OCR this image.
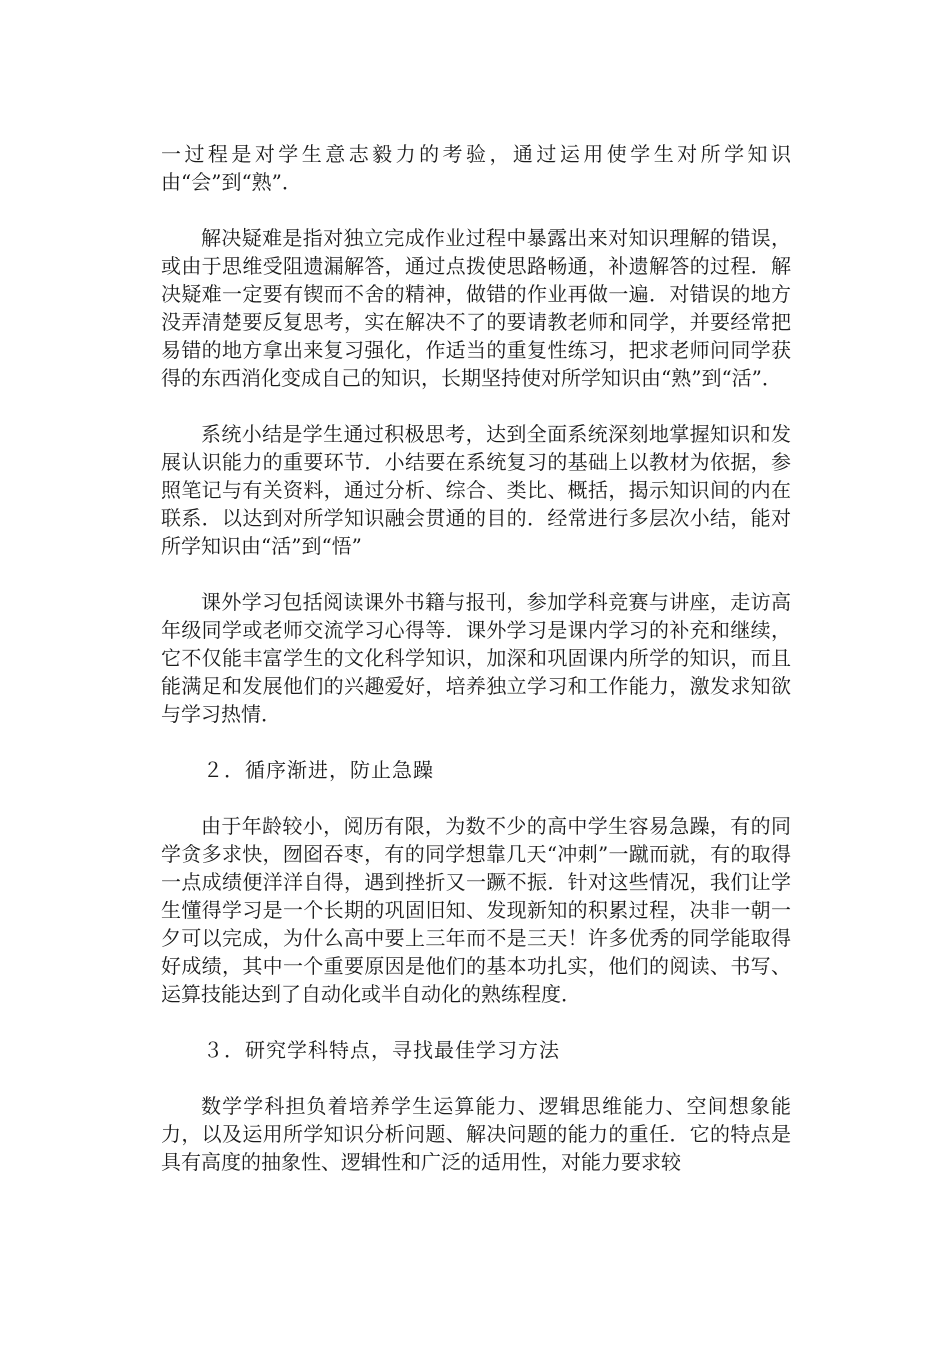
一过程是对学生意志毅力的考验，通过运用使学生对所学知识由“会”到“熟”．

解决疑难是指对独立完成作业过程中暴露出来对知识理解的错误，或由于思维受阻遗漏解答，通过点拨使思路畅通，补遗解答的过程．解决疑难一定要有锲而不舍的精神，做错的作业再做一遍．对错误的地方没弄清楚要反复思考，实在解决不了的要请教老师和同学，并要经常把易错的地方拿出来复习强化，作适当的重复性练习，把求老师问同学获得的东西消化变成自己的知识，长期坚持使对所学知识由“熟”到“活”．

系统小结是学生通过积极思考，达到全面系统深刻地掌握知识和发展认识能力的重要环节．小结要在系统复习的基础上以教材为依据，参照笔记与有关资料，通过分析、综合、类比、概括，揭示知识间的内在联系．以达到对所学知识融会贯通的目的．经常进行多层次小结，能对所学知识由“活”到“悟”

课外学习包括阅读课外书籍与报刊，参加学科竞赛与讲座，走访高年级同学或老师交流学习心得等．课外学习是课内学习的补充和继续，它不仅能丰富学生的文化科学知识，加深和巩固课内所学的知识，而且能满足和发展他们的兴趣爱好，培养独立学习和工作能力，激发求知欲与学习热情．

２．循序渐进，防止急躁

由于年龄较小，阅历有限，为数不少的高中学生容易急躁，有的同学贪多求快，囫囵吞枣，有的同学想靠几天“冲刺”一蹴而就，有的取得一点成绩便洋洋自得，遇到挫折又一蹶不振．针对这些情况，我们让学生懂得学习是一个长期的巩固旧知、发现新知的积累过程，决非一朝一夕可以完成，为什么高中要上三年而不是三天！许多优秀的同学能取得好成绩，其中一个重要原因是他们的基本功扎实，他们的阅读、书写、运算技能达到了自动化或半自动化的熟练程度．

３．研究学科特点，寻找最佳学习方法

数学学科担负着培养学生运算能力、逻辑思维能力、空间想象能力，以及运用所学知识分析问题、解决问题的能力的重任．它的特点是具有高度的抽象性、逻辑性和广泛的适用性，对能力要求较
